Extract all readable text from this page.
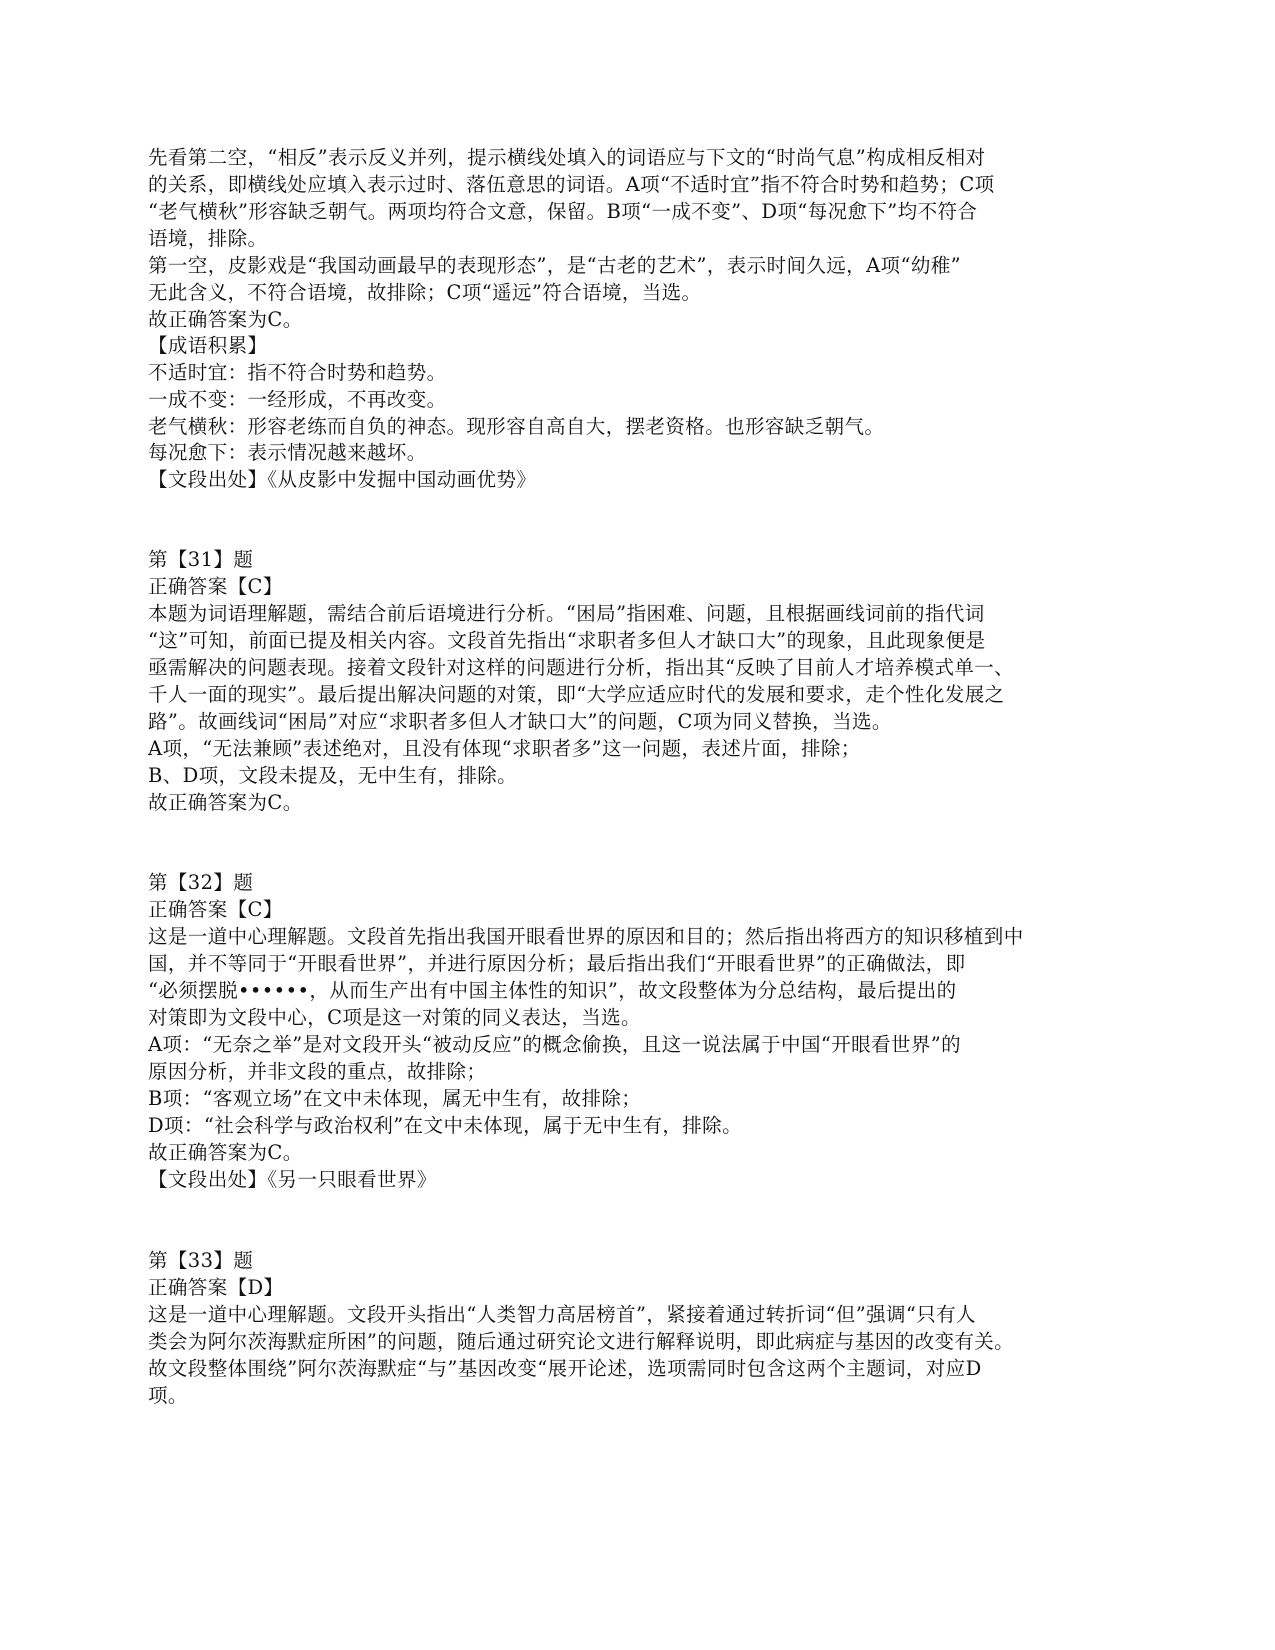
先看第二空，“相反”表示反义并列，提示横线处填入的词语应与下文的“时尚气息”构成相反相对
的关系，即横线处应填入表示过时、落伍意思的词语。A项“不适时宜”指不符合时势和趋势；C项
“老气横秋”形容缺乏朝气。两项均符合文意，保留。B项“一成不变”、D项“每况愈下”均不符合
语境，排除。
第一空，皮影戏是“我国动画最早的表现形态”，是“古老的艺术”，表示时间久远，A项“幼稚”
无此含义，不符合语境，故排除；C项“遥远”符合语境，当选。
故正确答案为C。
【成语积累】
不适时宜：指不符合时势和趋势。
一成不变：一经形成，不再改变。
老气横秋：形容老练而自负的神态。现形容自高自大，摆老资格。也形容缺乏朝气。
每况愈下：表示情况越来越坏。
【文段出处】《从皮影中发掘中国动画优势》
第【31】题
正确答案【C】
本题为词语理解题，需结合前后语境进行分析。“困局”指困难、问题，且根据画线词前的指代词
“这”可知，前面已提及相关内容。文段首先指出“求职者多但人才缺口大”的现象，且此现象便是
亟需解决的问题表现。接着文段针对这样的问题进行分析，指出其“反映了目前人才培养模式单一、
千人一面的现实”。最后提出解决问题的对策，即“大学应适应时代的发展和要求，走个性化发展之
路”。故画线词“困局”对应“求职者多但人才缺口大”的问题，C项为同义替换，当选。
A项，“无法兼顾”表述绝对，且没有体现“求职者多”这一问题，表述片面，排除；
B、D项，文段未提及，无中生有，排除。
故正确答案为C。
第【32】题
正确答案【C】
这是一道中心理解题。文段首先指出我国开眼看世界的原因和目的；然后指出将西方的知识移植到中
国，并不等同于“开眼看世界”，并进行原因分析；最后指出我们“开眼看世界”的正确做法，即
“必须摆脱••••••，从而生产出有中国主体性的知识”，故文段整体为分总结构，最后提出的
对策即为文段中心，C项是这一对策的同义表达，当选。
A项：“无奈之举”是对文段开头“被动反应”的概念偷换，且这一说法属于中国“开眼看世界”的
原因分析，并非文段的重点，故排除；
B项：“客观立场”在文中未体现，属无中生有，故排除；
D项：“社会科学与政治权利”在文中未体现，属于无中生有，排除。
故正确答案为C。
【文段出处】《另一只眼看世界》
第【33】题
正确答案【D】
这是一道中心理解题。文段开头指出“人类智力高居榜首”，紧接着通过转折词“但”强调“只有人
类会为阿尔茨海默症所困”的问题，随后通过研究论文进行解释说明，即此病症与基因的改变有关。
故文段整体围绕”阿尔茨海默症“与”基因改变“展开论述，选项需同时包含这两个主题词，对应D
项。
